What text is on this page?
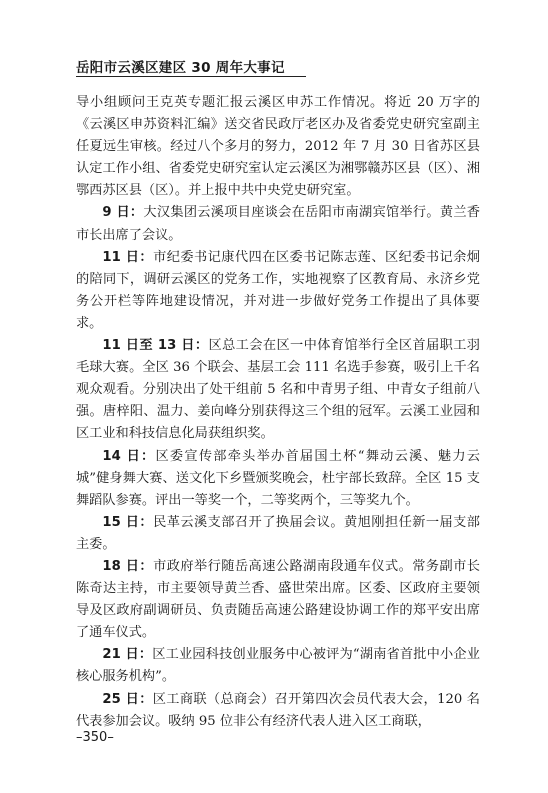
岳阳市云溪区建区 30 周年大事记

导小组顾问王克英专题汇报云溪区申苏工作情况。将近 20 万字的《云溪区申苏资料汇编》送交省民政厅老区办及省委党史研究室副主任夏远生审核。经过八个多月的努力，2012 年 7 月 30 日省苏区县认定工作小组、省委党史研究室认定云溪区为湘鄂赣苏区县（区）、湘鄂西苏区县（区）。并上报中共中央党史研究室。

9 日：大汉集团云溪项目座谈会在岳阳市南湖宾馆举行。黄兰香市长出席了会议。

11 日：市纪委书记康代四在区委书记陈志莲、区纪委书记余炯的陪同下，调研云溪区的党务工作，实地视察了区教育局、永济乡党务公开栏等阵地建设情况，并对进一步做好党务工作提出了具体要求。

11 日至 13 日：区总工会在区一中体育馆举行全区首届职工羽毛球大赛。全区 36 个联会、基层工会 111 名选手参赛，吸引上千名观众观看。分别决出了处干组前 5 名和中青男子组、中青女子组前八强。唐梓阳、温力、姜向峰分别获得这三个组的冠军。云溪工业园和区工业和科技信息化局获组织奖。

14 日：区委宣传部牵头举办首届国土杯“舞动云溪、魅力云城”健身舞大赛、送文化下乡暨颁奖晚会，杜宇部长致辞。全区 15 支舞蹈队参赛。评出一等奖一个，二等奖两个，三等奖九个。

15 日：民革云溪支部召开了换届会议。黄旭刚担任新一届支部主委。

18 日：市政府举行随岳高速公路湖南段通车仪式。常务副市长陈奇达主持，市主要领导黄兰香、盛世荣出席。区委、区政府主要领导及区政府副调研员、负责随岳高速公路建设协调工作的郑平安出席了通车仪式。

21 日：区工业园科技创业服务中心被评为“湖南省首批中小企业核心服务机构”。

25 日：区工商联（总商会）召开第四次会员代表大会，120 名代表参加会议。吸纳 95 位非公有经济代表人进入区工商联，

–350–
